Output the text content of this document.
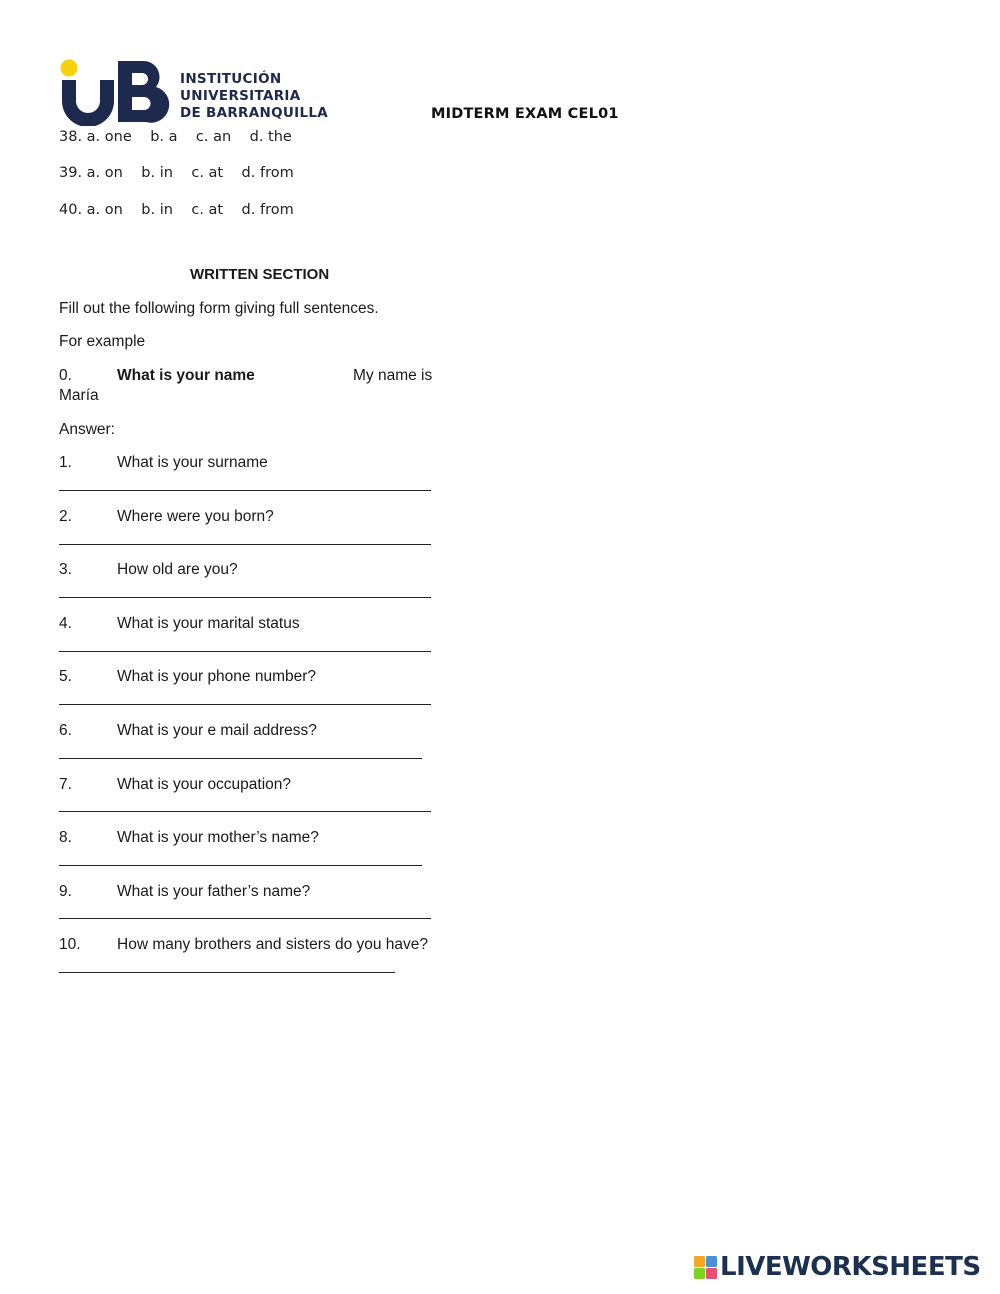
INSTITUCIÓN
UNIVERSITARIA
DE BARRANQUILLA	MIDTERM EXAM CEL01
38. a. one    b. a    c. an    d. the
39. a. on    b. in    c. at    d. from
40. a. on    b. in    c. at    d. from
WRITTEN SECTION
Fill out the following form giving full sentences.
For example
0.	What is your name	My name is
María
Answer:
1.	What is your surname
2.	Where were you born?
3.	How old are you?
4.	What is your marital status
5.	What is your phone number?
6.	What is your e mail address?
7.	What is your occupation?
8.	What is your mother’s name?
9.	What is your father’s name?
10. How many brothers and sisters do you have?
LIVEWORKSHEETS
